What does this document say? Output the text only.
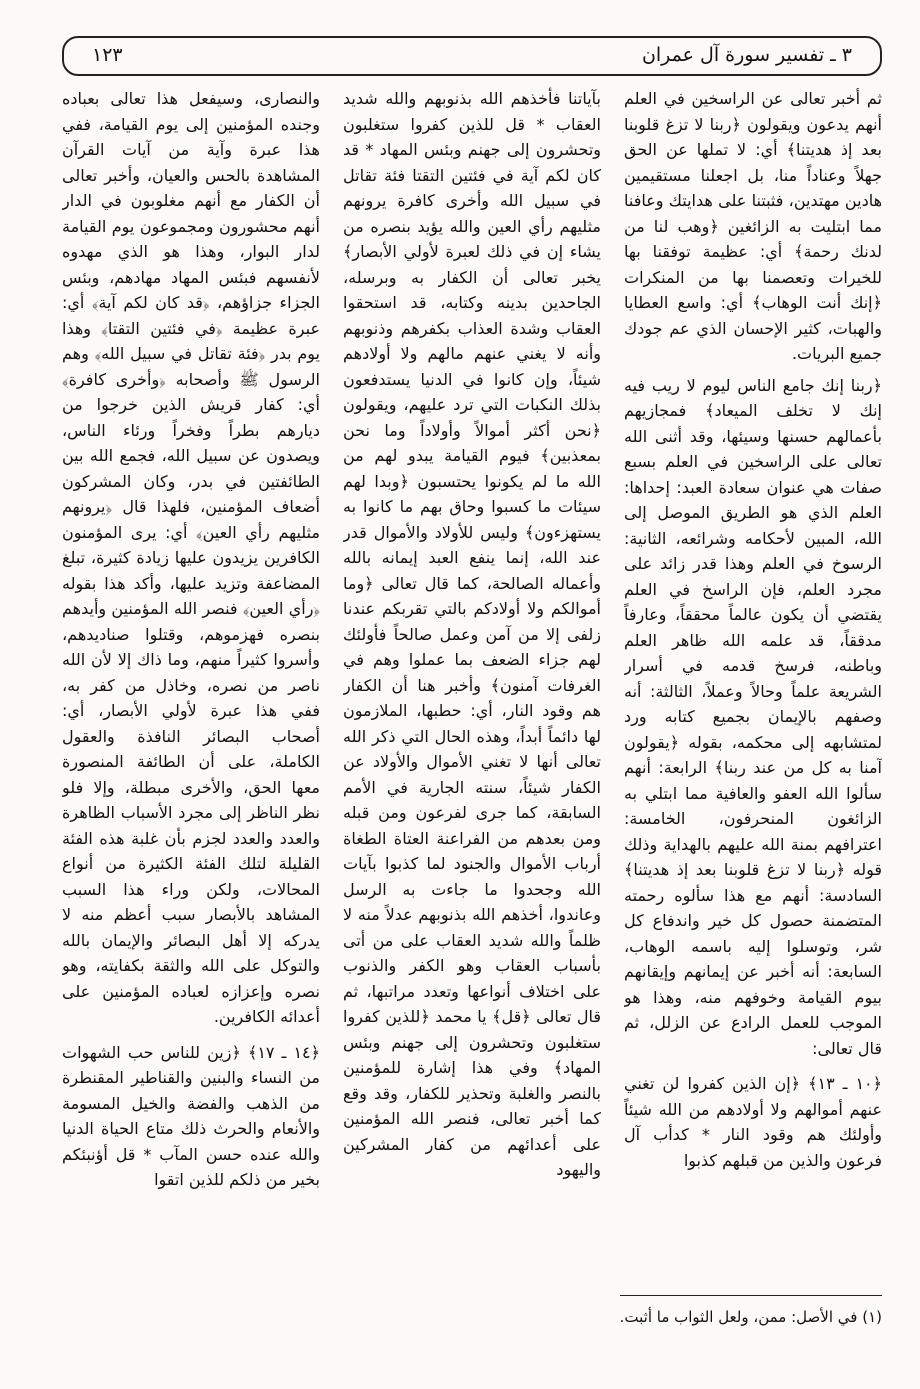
٣ ـ تفسير سورة آل عمران
١٢٣

ثم أخبر تعالى عن الراسخين في العلم أنهم يدعون ويقولون ﴿ربنا لا تزغ قلوبنا بعد إذ هديتنا﴾ أي: لا تملها عن الحق جهلاً وعناداً منا، بل اجعلنا مستقيمين هادين مهتدين، فثبتنا على هدايتك وعافنا مما ابتليت به الزائغين ﴿وهب لنا من لدنك رحمة﴾ أي: عظيمة توفقنا بها للخيرات وتعصمنا بها من المنكرات ﴿إنك أنت الوهاب﴾ أي: واسع العطايا والهبات، كثير الإحسان الذي عم جودك جميع البريات.

﴿ربنا إنك جامع الناس ليوم لا ريب فيه إنك لا تخلف الميعاد﴾ فمجازيهم بأعمالهم حسنها وسيئها، وقد أثنى الله تعالى على الراسخين في العلم بسبع صفات هي عنوان سعادة العبد: إحداها: العلم الذي هو الطريق الموصل إلى الله، المبين لأحكامه وشرائعه، الثانية: الرسوخ في العلم وهذا قدر زائد على مجرد العلم، فإن الراسخ في العلم يقتضي أن يكون عالماً محققاً، وعارفاً مدققاً، قد علمه الله ظاهر العلم وباطنه، فرسخ قدمه في أسرار الشريعة علماً وحالاً وعملاً، الثالثة: أنه وصفهم بالإيمان بجميع كتابه ورد لمتشابهه إلى محكمه، بقوله ﴿يقولون آمنا به كل من عند ربنا﴾ الرابعة: أنهم سألوا الله العفو والعافية مما ابتلي به الزائغون المنحرفون، الخامسة: اعترافهم بمنة الله عليهم بالهداية وذلك قوله ﴿ربنا لا تزغ قلوبنا بعد إذ هديتنا﴾ السادسة: أنهم مع هذا سألوه رحمته المتضمنة حصول كل خير واندفاع كل شر، وتوسلوا إليه باسمه الوهاب، السابعة: أنه أخبر عن إيمانهم وإيقانهم بيوم القيامة وخوفهم منه، وهذا هو الموجب للعمل الرادع عن الزلل، ثم قال تعالى:

﴿١٠ ـ ١٣﴾ ﴿إن الذين كفروا لن تغني عنهم أموالهم ولا أولادهم من الله شيئاً وأولئك هم وقود النار * كدأب آل فرعون والذين من قبلهم كذبوا

بآياتنا فأخذهم الله بذنوبهم والله شديد العقاب * قل للذين كفروا ستغلبون وتحشرون إلى جهنم وبئس المهاد * قد كان لكم آية في فئتين التقتا فئة تقاتل في سبيل الله وأخرى كافرة يرونهم مثليهم رأي العين والله يؤيد بنصره من يشاء إن في ذلك لعبرة لأولي الأبصار﴾ يخبر تعالى أن الكفار به وبرسله، الجاحدين بدينه وكتابه، قد استحقوا العقاب وشدة العذاب بكفرهم وذنوبهم وأنه لا يغني عنهم مالهم ولا أولادهم شيئاً، وإن كانوا في الدنيا يستدفعون بذلك النكبات التي ترد عليهم، ويقولون ﴿نحن أكثر أموالاً وأولاداً وما نحن بمعذبين﴾ فيوم القيامة يبدو لهم من الله ما لم يكونوا يحتسبون ﴿وبدا لهم سيئات ما كسبوا وحاق بهم ما كانوا به يستهزءون﴾ وليس للأولاد والأموال قدر عند الله، إنما ينفع العبد إيمانه بالله وأعماله الصالحة، كما قال تعالى ﴿وما أموالكم ولا أولادكم بالتي تقربكم عندنا زلفى إلا من آمن وعمل صالحاً فأولئك لهم جزاء الضعف بما عملوا وهم في الغرفات آمنون﴾ وأخبر هنا أن الكفار هم وقود النار، أي: حطبها، الملازمون لها دائماً أبداً، وهذه الحال التي ذكر الله تعالى أنها لا تغني الأموال والأولاد عن الكفار شيئاً، سنته الجارية في الأمم السابقة، كما جرى لفرعون ومن قبله ومن بعدهم من الفراعنة العتاة الطغاة أرباب الأموال والجنود لما كذبوا بآيات الله وجحدوا ما جاءت به الرسل وعاندوا، أخذهم الله بذنوبهم عدلاً منه لا ظلماً والله شديد العقاب على من أتى بأسباب العقاب وهو الكفر والذنوب على اختلاف أنواعها وتعدد مراتبها، ثم قال تعالى ﴿قل﴾ يا محمد ﴿للذين كفروا ستغلبون وتحشرون إلى جهنم وبئس المهاد﴾ وفي هذا إشارة للمؤمنين بالنصر والغلبة وتحذير للكفار، وقد وقع كما أخبر تعالى، فنصر الله المؤمنين على أعدائهم من كفار المشركين واليهود

والنصارى، وسيفعل هذا تعالى بعباده وجنده المؤمنين إلى يوم القيامة، ففي هذا عبرة وآية من آيات القرآن المشاهدة بالحس والعيان، وأخبر تعالى أن الكفار مع أنهم مغلوبون في الدار أنهم محشورون ومجموعون يوم القيامة لدار البوار، وهذا هو الذي مهدوه لأنفسهم فبئس المهاد مهادهم، وبئس الجزاء جزاؤهم، ﴿قد كان لكم آية﴾ أي: عبرة عظيمة ﴿في فئتين التقتا﴾ وهذا يوم بدر ﴿فئة تقاتل في سبيل الله﴾ وهم الرسول ﷺ وأصحابه ﴿وأخرى كافرة﴾ أي: كفار قريش الذين خرجوا من ديارهم بطراً وفخراً ورئاء الناس، ويصدون عن سبيل الله، فجمع الله بين الطائفتين في بدر، وكان المشركون أضعاف المؤمنين، فلهذا قال ﴿يرونهم مثليهم رأي العين﴾ أي: يرى المؤمنون الكافرين يزيدون عليها زيادة كثيرة، تبلغ المضاعفة وتزيد عليها، وأكد هذا بقوله ﴿رأي العين﴾ فنصر الله المؤمنين وأيدهم بنصره فهزموهم، وقتلوا صناديدهم، وأسروا كثيراً منهم، وما ذاك إلا لأن الله ناصر من نصره، وخاذل من كفر به، ففي هذا عبرة لأولي الأبصار، أي: أصحاب البصائر النافذة والعقول الكاملة، على أن الطائفة المنصورة معها الحق، والأخرى مبطلة، وإلا فلو نظر الناظر إلى مجرد الأسباب الظاهرة والعدد والعدد لجزم بأن غلبة هذه الفئة القليلة لتلك الفئة الكثيرة من أنواع المحالات، ولكن وراء هذا السبب المشاهد بالأبصار سبب أعظم منه لا يدركه إلا أهل البصائر والإيمان بالله والتوكل على الله والثقة بكفايته، وهو نصره وإعزازه لعباده المؤمنين على أعدائه الكافرين.

﴿١٤ ـ ١٧﴾ ﴿زين للناس حب الشهوات من النساء والبنين والقناطير المقنطرة من الذهب والفضة والخيل المسومة والأنعام والحرث ذلك متاع الحياة الدنيا والله عنده حسن المآب * قل أؤنبئكم بخير من ذلكم للذين اتقوا

(١) في الأصل: ممن، ولعل الثواب ما أثبت.
